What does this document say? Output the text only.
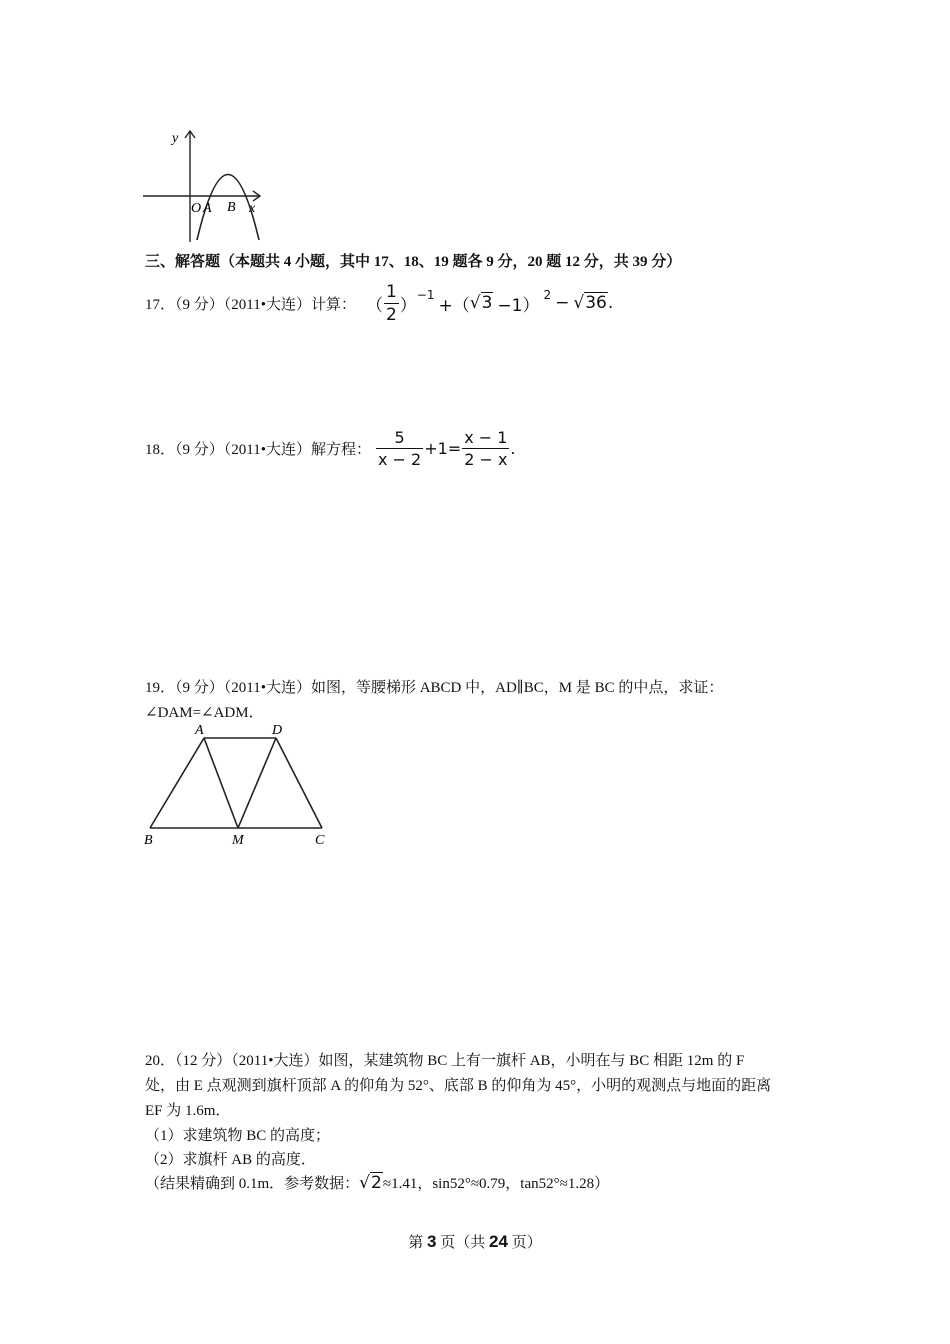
y
O A B x
三、解答题（本题共 4 小题，其中 17、18、19 题各 9 分，20 题 12 分，共 39 分）
17．（9 分）（2011•大连）计算： （ $\frac{1}{2}$ ）
$^{-1}$
+（ √3 −1）
$^2$ − √36 .
18．（9 分）（2011•大连）解方程： $\frac{5}{x - 2} +1= \frac{x - 1}{2 - x}$ .
19．（9 分）（2011•大连）如图，等腰梯形 ABCD 中，AD∥BC，M 是 BC 的中点，求证：
∠DAM=∠ADM．
A	D
B	M	C
20．（12 分）（2011•大连）如图，某建筑物 BC 上有一旗杆 AB，小明在与 BC 相距 12m 的 F
处，由 E 点观测到旗杆顶部 A 的仰角为 52°、底部 B 的仰角为 45°，小明的观测点与地面的距离
EF 为 1.6m．
（1）求建筑物 BC 的高度；
（2）求旗杆 AB 的高度．
（结果精确到 0.1m．参考数据：√2≈1.41，sin52°≈0.79，tan52°≈1.28）
第 3 页（共 24 页）
